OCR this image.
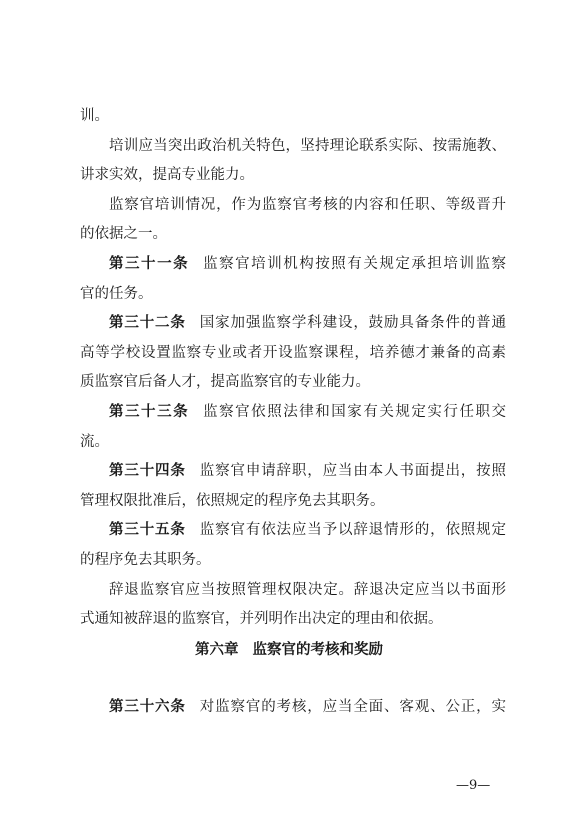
训。
培训应当突出政治机关特色，坚持理论联系实际、按需施教、
讲求实效，提高专业能力。
监察官培训情况，作为监察官考核的内容和任职、等级晋升
的依据之一。
第三十一条 监察官培训机构按照有关规定承担培训监察
官的任务。
第三十二条 国家加强监察学科建设，鼓励具备条件的普通
高等学校设置监察专业或者开设监察课程，培养德才兼备的高素
质监察官后备人才，提高监察官的专业能力。
第三十三条 监察官依照法律和国家有关规定实行任职交
流。
第三十四条 监察官申请辞职，应当由本人书面提出，按照
管理权限批准后，依照规定的程序免去其职务。
第三十五条 监察官有依法应当予以辞退情形的，依照规定
的程序免去其职务。
辞退监察官应当按照管理权限决定。辞退决定应当以书面形
式通知被辞退的监察官，并列明作出决定的理由和依据。
第六章 监察官的考核和奖励
第三十六条 对监察官的考核，应当全面、客观、公正，实
—9—
